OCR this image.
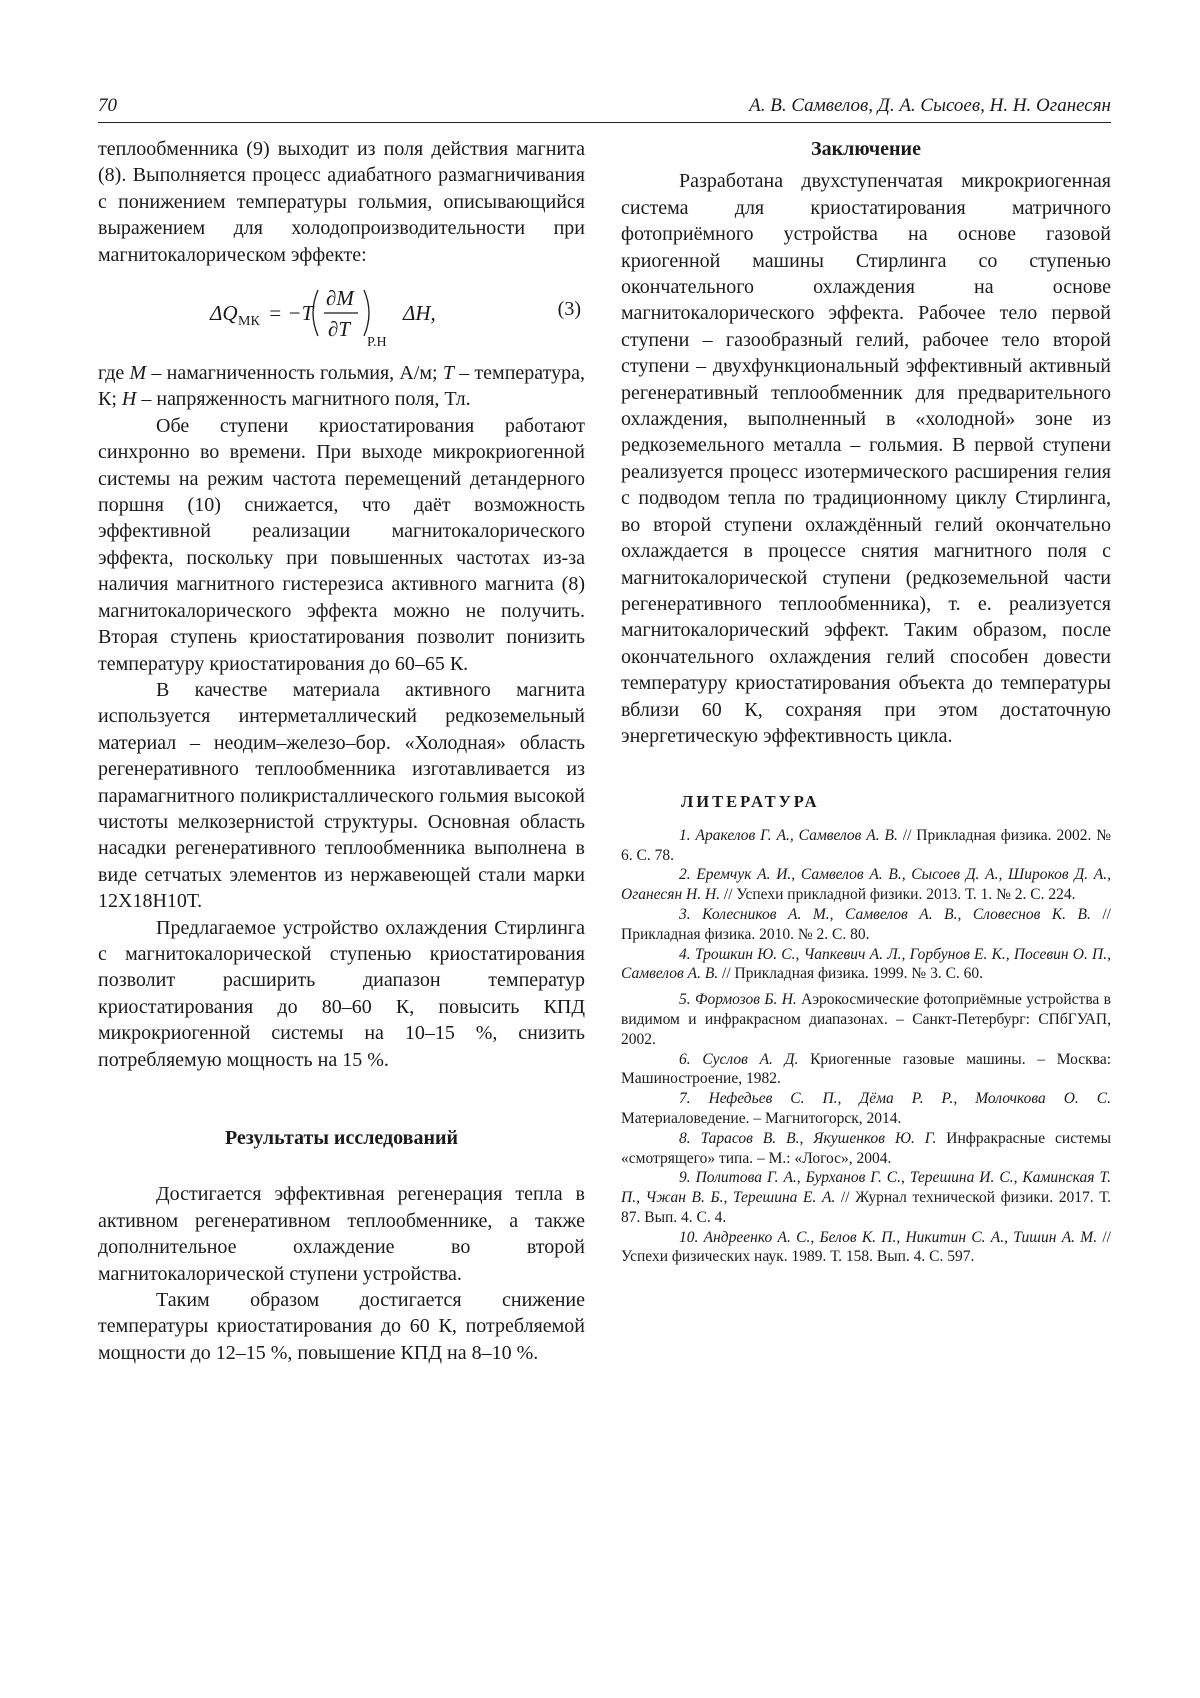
70	А. В. Самвелов, Д. А. Сысоев, Н. Н. Оганесян

теплообменника (9) выходит из поля действия магнита (8). Выполняется процесс адиабатного размагничивания с понижением температуры гольмия, описывающийся выражением для холодопроизводительности при магнитокалорическом эффекте:

ΔQ МК = −T
∂M
∂T
Р.Н
ΔH,	(3)

где M – намагниченность гольмия, А/м; T – температура, К; H – напряженность магнитного поля, Тл.

Обе ступени криостатирования работают синхронно во времени. При выходе микрокриогенной системы на режим частота перемещений детандерного поршня (10) снижается, что даёт возможность эффективной реализации магнитокалорического эффекта, поскольку при повышенных частотах из-за наличия магнитного гистерезиса активного магнита (8) магнитокалорического эффекта можно не получить. Вторая ступень криостатирования позволит понизить температуру криостатирования до 60–65 К.

В качестве материала активного магнита используется интерметаллический редкоземельный материал – неодим–железо–бор. «Холодная» область регенеративного теплообменника изготавливается из парамагнитного поликристаллического гольмия высокой чистоты мелкозернистой структуры. Основная область насадки регенеративного теплообменника выполнена в виде сетчатых элементов из нержавеющей стали марки 12Х18Н10Т.

Предлагаемое устройство охлаждения Стирлинга с магнитокалорической ступенью криостатирования позволит расширить диапазон температур криостатирования до 80–60 К, повысить КПД микрокриогенной системы на 10–15 %, снизить потребляемую мощность на 15 %.

Результаты исследований

Достигается эффективная регенерация тепла в активном регенеративном теплообменнике, а также дополнительное охлаждение во второй магнитокалорической ступени устройства.

Таким образом достигается снижение температуры криостатирования до 60 К, потребляемой мощности до 12–15 %, повышение КПД на 8–10 %.

Заключение

Разработана двухступенчатая микрокриогенная система для криостатирования матричного фотоприёмного устройства на основе газовой криогенной машины Стирлинга со ступенью окончательного охлаждения на основе магнитокалорического эффекта. Рабочее тело первой ступени – газообразный гелий, рабочее тело второй ступени – двухфункциональный эффективный активный регенеративный теплообменник для предварительного охлаждения, выполненный в «холодной» зоне из редкоземельного металла – гольмия. В первой ступени реализуется процесс изотермического расширения гелия с подводом тепла по традиционному циклу Стирлинга, во второй ступени охлаждённый гелий окончательно охлаждается в процессе снятия магнитного поля с магнитокалорической ступени (редкоземельной части регенеративного теплообменника), т. е. реализуется магнитокалорический эффект. Таким образом, после окончательного охлаждения гелий способен довести температуру криостатирования объекта до температуры вблизи 60 К, сохраняя при этом достаточную энергетическую эффективность цикла.

ЛИТЕРАТУРА

1. Аракелов Г. А., Самвелов А. В. // Прикладная физика. 2002. № 6. С. 78.

2. Еремчук А. И., Самвелов А. В., Сысоев Д. А., Широков Д. А., Оганесян Н. Н. // Успехи прикладной физики. 2013. Т. 1. № 2. С. 224.

3. Колесников А. М., Самвелов А. В., Словеснов К. В. // Прикладная физика. 2010. № 2. С. 80.

4. Трошкин Ю. С., Чапкевич А. Л., Горбунов Е. К., Посевин О. П., Самвелов А. В. // Прикладная физика. 1999. № 3. С. 60.

5. Формозов Б. Н. Аэрокосмические фотоприёмные устройства в видимом и инфракрасном диапазонах. – Санкт-Петербург: СПбГУАП, 2002.

6. Суслов А. Д. Криогенные газовые машины. – Москва: Машиностроение, 1982.

7. Нефедьев С. П., Дёма Р. Р., Молочкова О. С. Материаловедение. – Магнитогорск, 2014.

8. Тарасов В. В., Якушенков Ю. Г. Инфракрасные системы «смотрящего» типа. – М.: «Логос», 2004.

9. Политова Г. А., Бурханов Г. С., Терешина И. С., Каминская Т. П., Чжан В. Б., Терешина Е. А. // Журнал технической физики. 2017. Т. 87. Вып. 4. С. 4.

10. Андреенко А. С., Белов К. П., Никитин С. А., Тишин А. М. // Успехи физических наук. 1989. Т. 158. Вып. 4. С. 597.
